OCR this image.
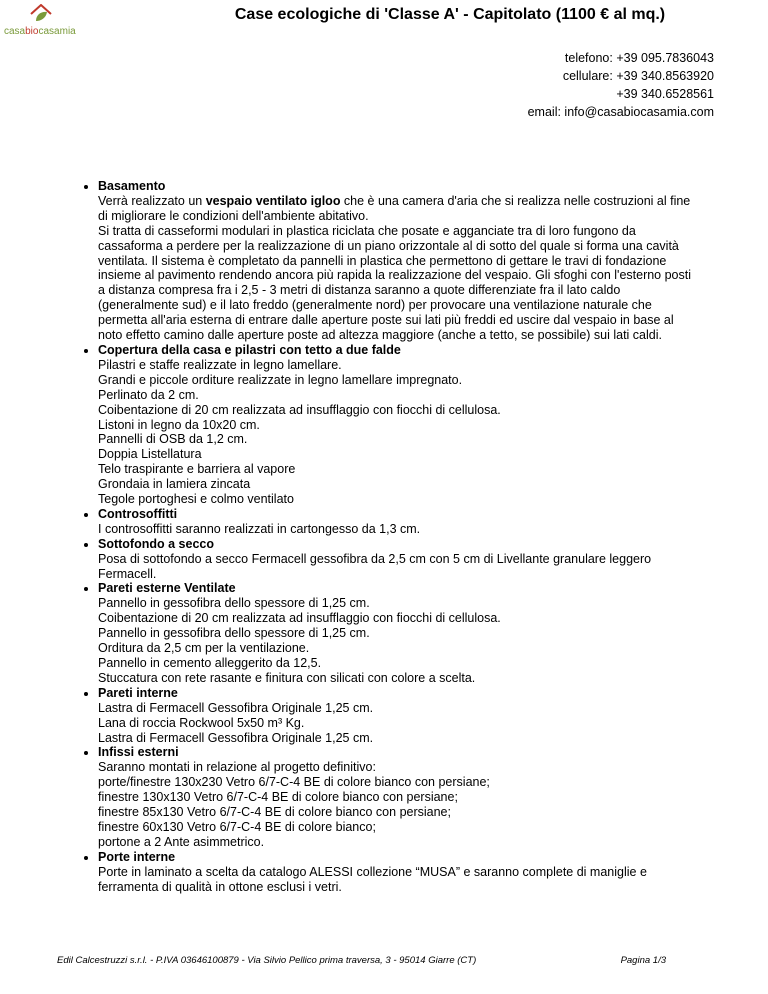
casabiocasamia
Case ecologiche di 'Classe A' - Capitolato (1100 € al mq.)
telefono: +39 095.7836043
cellulare: +39 340.8563920
+39 340.6528561
email: info@casabiocasamia.com
• Basamento
Verrà realizzato un vespaio ventilato igloo che è una camera d'aria che si realizza nelle costruzioni al fine di migliorare le condizioni dell'ambiente abitativo.
Si tratta di casseformi modulari in plastica riciclata che posate e agganciate tra di loro fungono da cassaforma a perdere per la realizzazione di un piano orizzontale al di sotto del quale si forma una cavità ventilata. Il sistema è completato da pannelli in plastica che permettono di gettare le travi di fondazione insieme al pavimento rendendo ancora più rapida la realizzazione del vespaio. Gli sfoghi con l'esterno posti a distanza compresa fra i 2,5 - 3 metri di distanza saranno a quote differenziate fra il lato caldo (generalmente sud) e il lato freddo (generalmente nord) per provocare una ventilazione naturale che permetta all'aria esterna di entrare dalle aperture poste sui lati più freddi ed uscire dal vespaio in base al noto effetto camino dalle aperture poste ad altezza maggiore (anche a tetto, se possibile) sui lati caldi.
• Copertura della casa e pilastri con tetto a due falde
Pilastri e staffe realizzate in legno lamellare.
Grandi e piccole orditure realizzate in legno lamellare impregnato.
Perlinato da 2 cm.
Coibentazione di 20 cm realizzata ad insufflaggio con fiocchi di cellulosa.
Listoni in legno da 10x20 cm.
Pannelli di OSB da 1,2 cm.
Doppia Listellatura
Telo traspirante e barriera al vapore
Grondaia in lamiera zincata
Tegole portoghesi e colmo ventilato
• Controsoffitti
I controsoffitti saranno realizzati in cartongesso da 1,3 cm.
• Sottofondo a secco
Posa di sottofondo a secco Fermacell gessofibra da 2,5 cm con 5 cm di Livellante granulare leggero Fermacell.
• Pareti esterne Ventilate
Pannello in gessofibra dello spessore di 1,25 cm.
Coibentazione di 20 cm realizzata ad insufflaggio con fiocchi di cellulosa.
Pannello in gessofibra dello spessore di 1,25 cm.
Orditura da 2,5 cm per la ventilazione.
Pannello in cemento alleggerito da 12,5.
Stuccatura con rete rasante e finitura con silicati con colore a scelta.
• Pareti interne
Lastra di Fermacell Gessofibra Originale 1,25 cm.
Lana di roccia Rockwool 5x50 m³ Kg.
Lastra di Fermacell Gessofibra Originale 1,25 cm.
• Infissi esterni
Saranno montati in relazione al progetto definitivo:
porte/finestre 130x230 Vetro 6/7-C-4 BE di colore bianco con persiane;
finestre 130x130 Vetro 6/7-C-4 BE di colore bianco con persiane;
finestre 85x130 Vetro 6/7-C-4 BE di colore bianco con persiane;
finestre 60x130 Vetro 6/7-C-4 BE di colore bianco;
portone a 2 Ante asimmetrico.
• Porte interne
Porte in laminato a scelta da catalogo ALESSI collezione “MUSA” e saranno complete di maniglie e ferramenta di qualità in ottone esclusi i vetri.
Edil Calcestruzzi s.r.l. - P.IVA 03646100879 - Via Silvio Pellico prima traversa, 3 - 95014 Giarre (CT)	Pagina 1/3
